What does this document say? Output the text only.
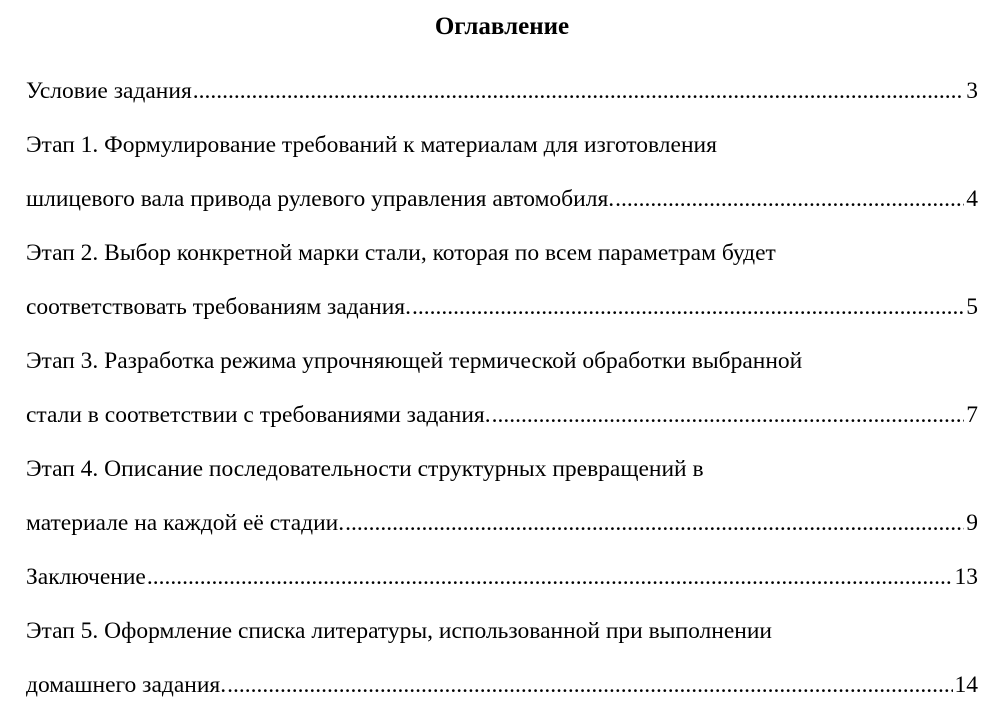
Оглавление
Условие задания .....	3
Этап 1. Формулирование требований к материалам для изготовления
шлицевого вала привода рулевого управления автомобиля. .....	4
Этап 2. Выбор конкретной марки стали, которая по всем параметрам будет
соответствовать требованиям задания. .....	5
Этап 3. Разработка режима упрочняющей термической обработки выбранной
стали в соответствии с требованиями задания. .....	7
Этап 4. Описание последовательности структурных превращений в
материале на каждой её стадии. .....	9
Заключение .....	13
Этап 5. Оформление списка литературы, использованной при выполнении
домашнего задания. .....	14
